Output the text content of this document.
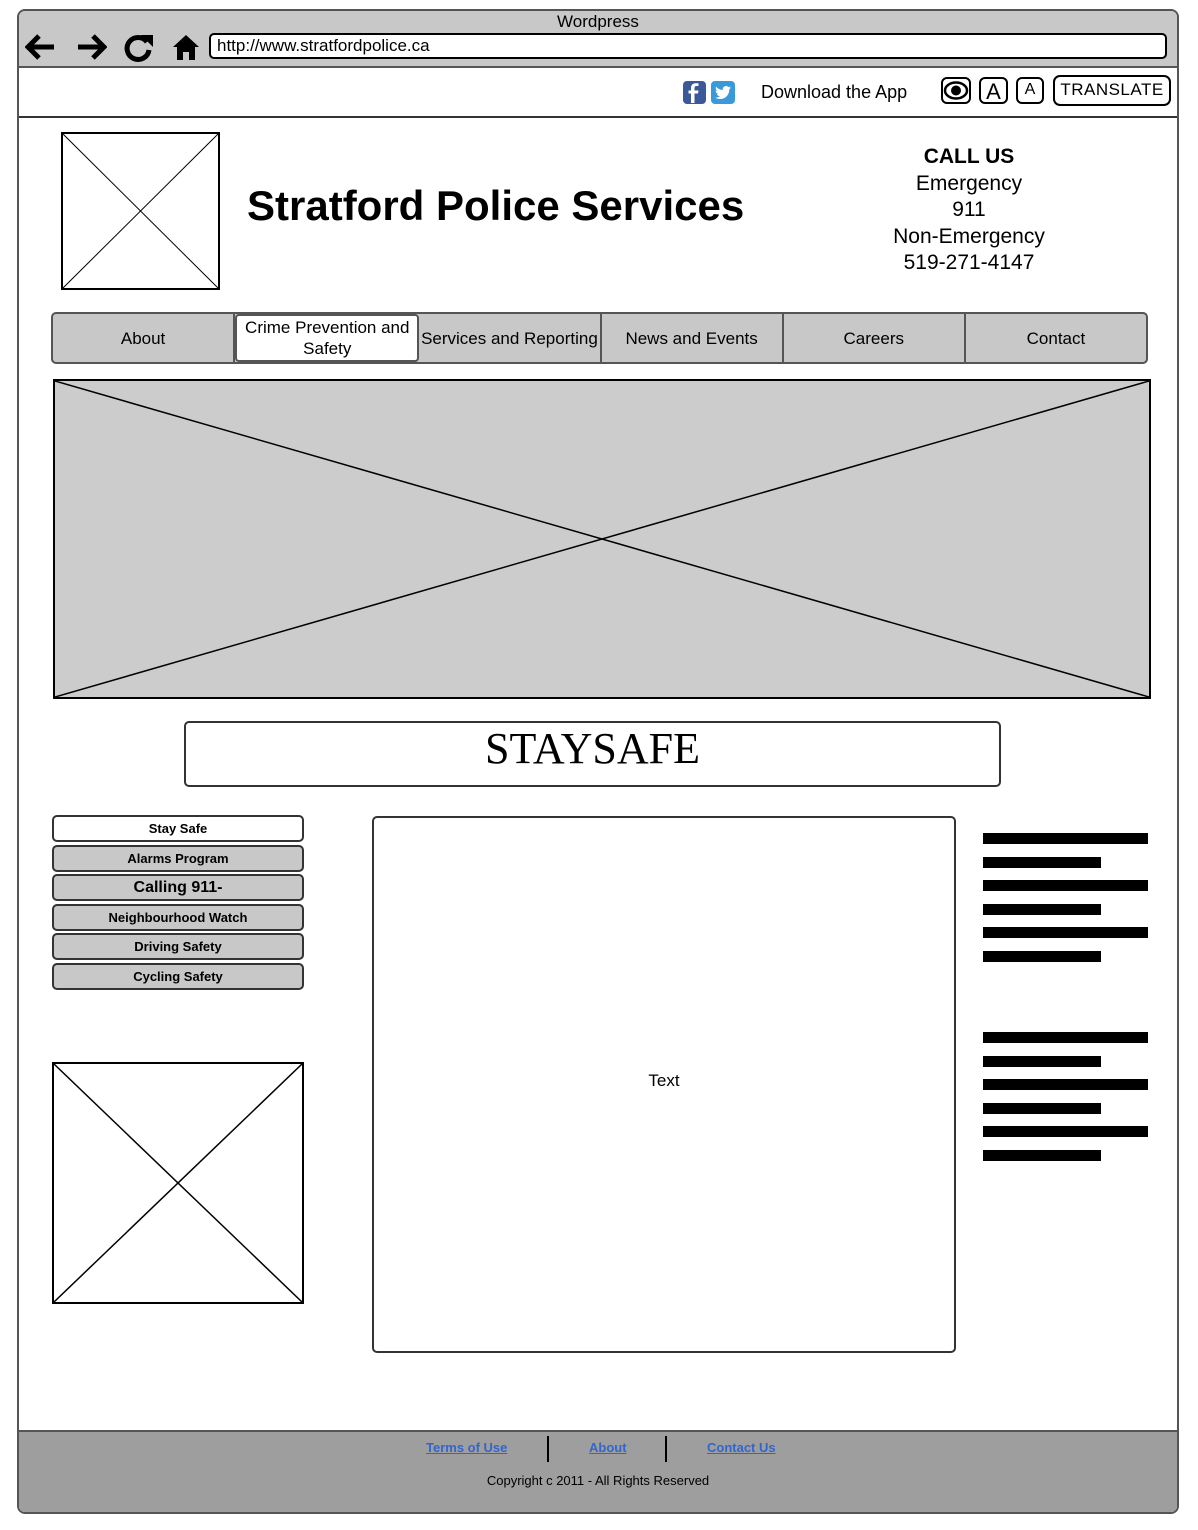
Wordpress
http://www.stratfordpolice.ca
Download the App	A	A	TRANSLATE
Stratford Police Services
CALL US
Emergency
911
Non-Emergency
519-271-4147
About
Crime Prevention and Safety
Services and Reporting	News and Events	Careers	Contact
STAYSAFE
Stay Safe
Alarms Program
Calling 911-
Neighbourhood Watch
Driving Safety
Cycling Safety
Text
Terms of Use	About	Contact Us
Copyright c 2011 - All Rights Reserved
